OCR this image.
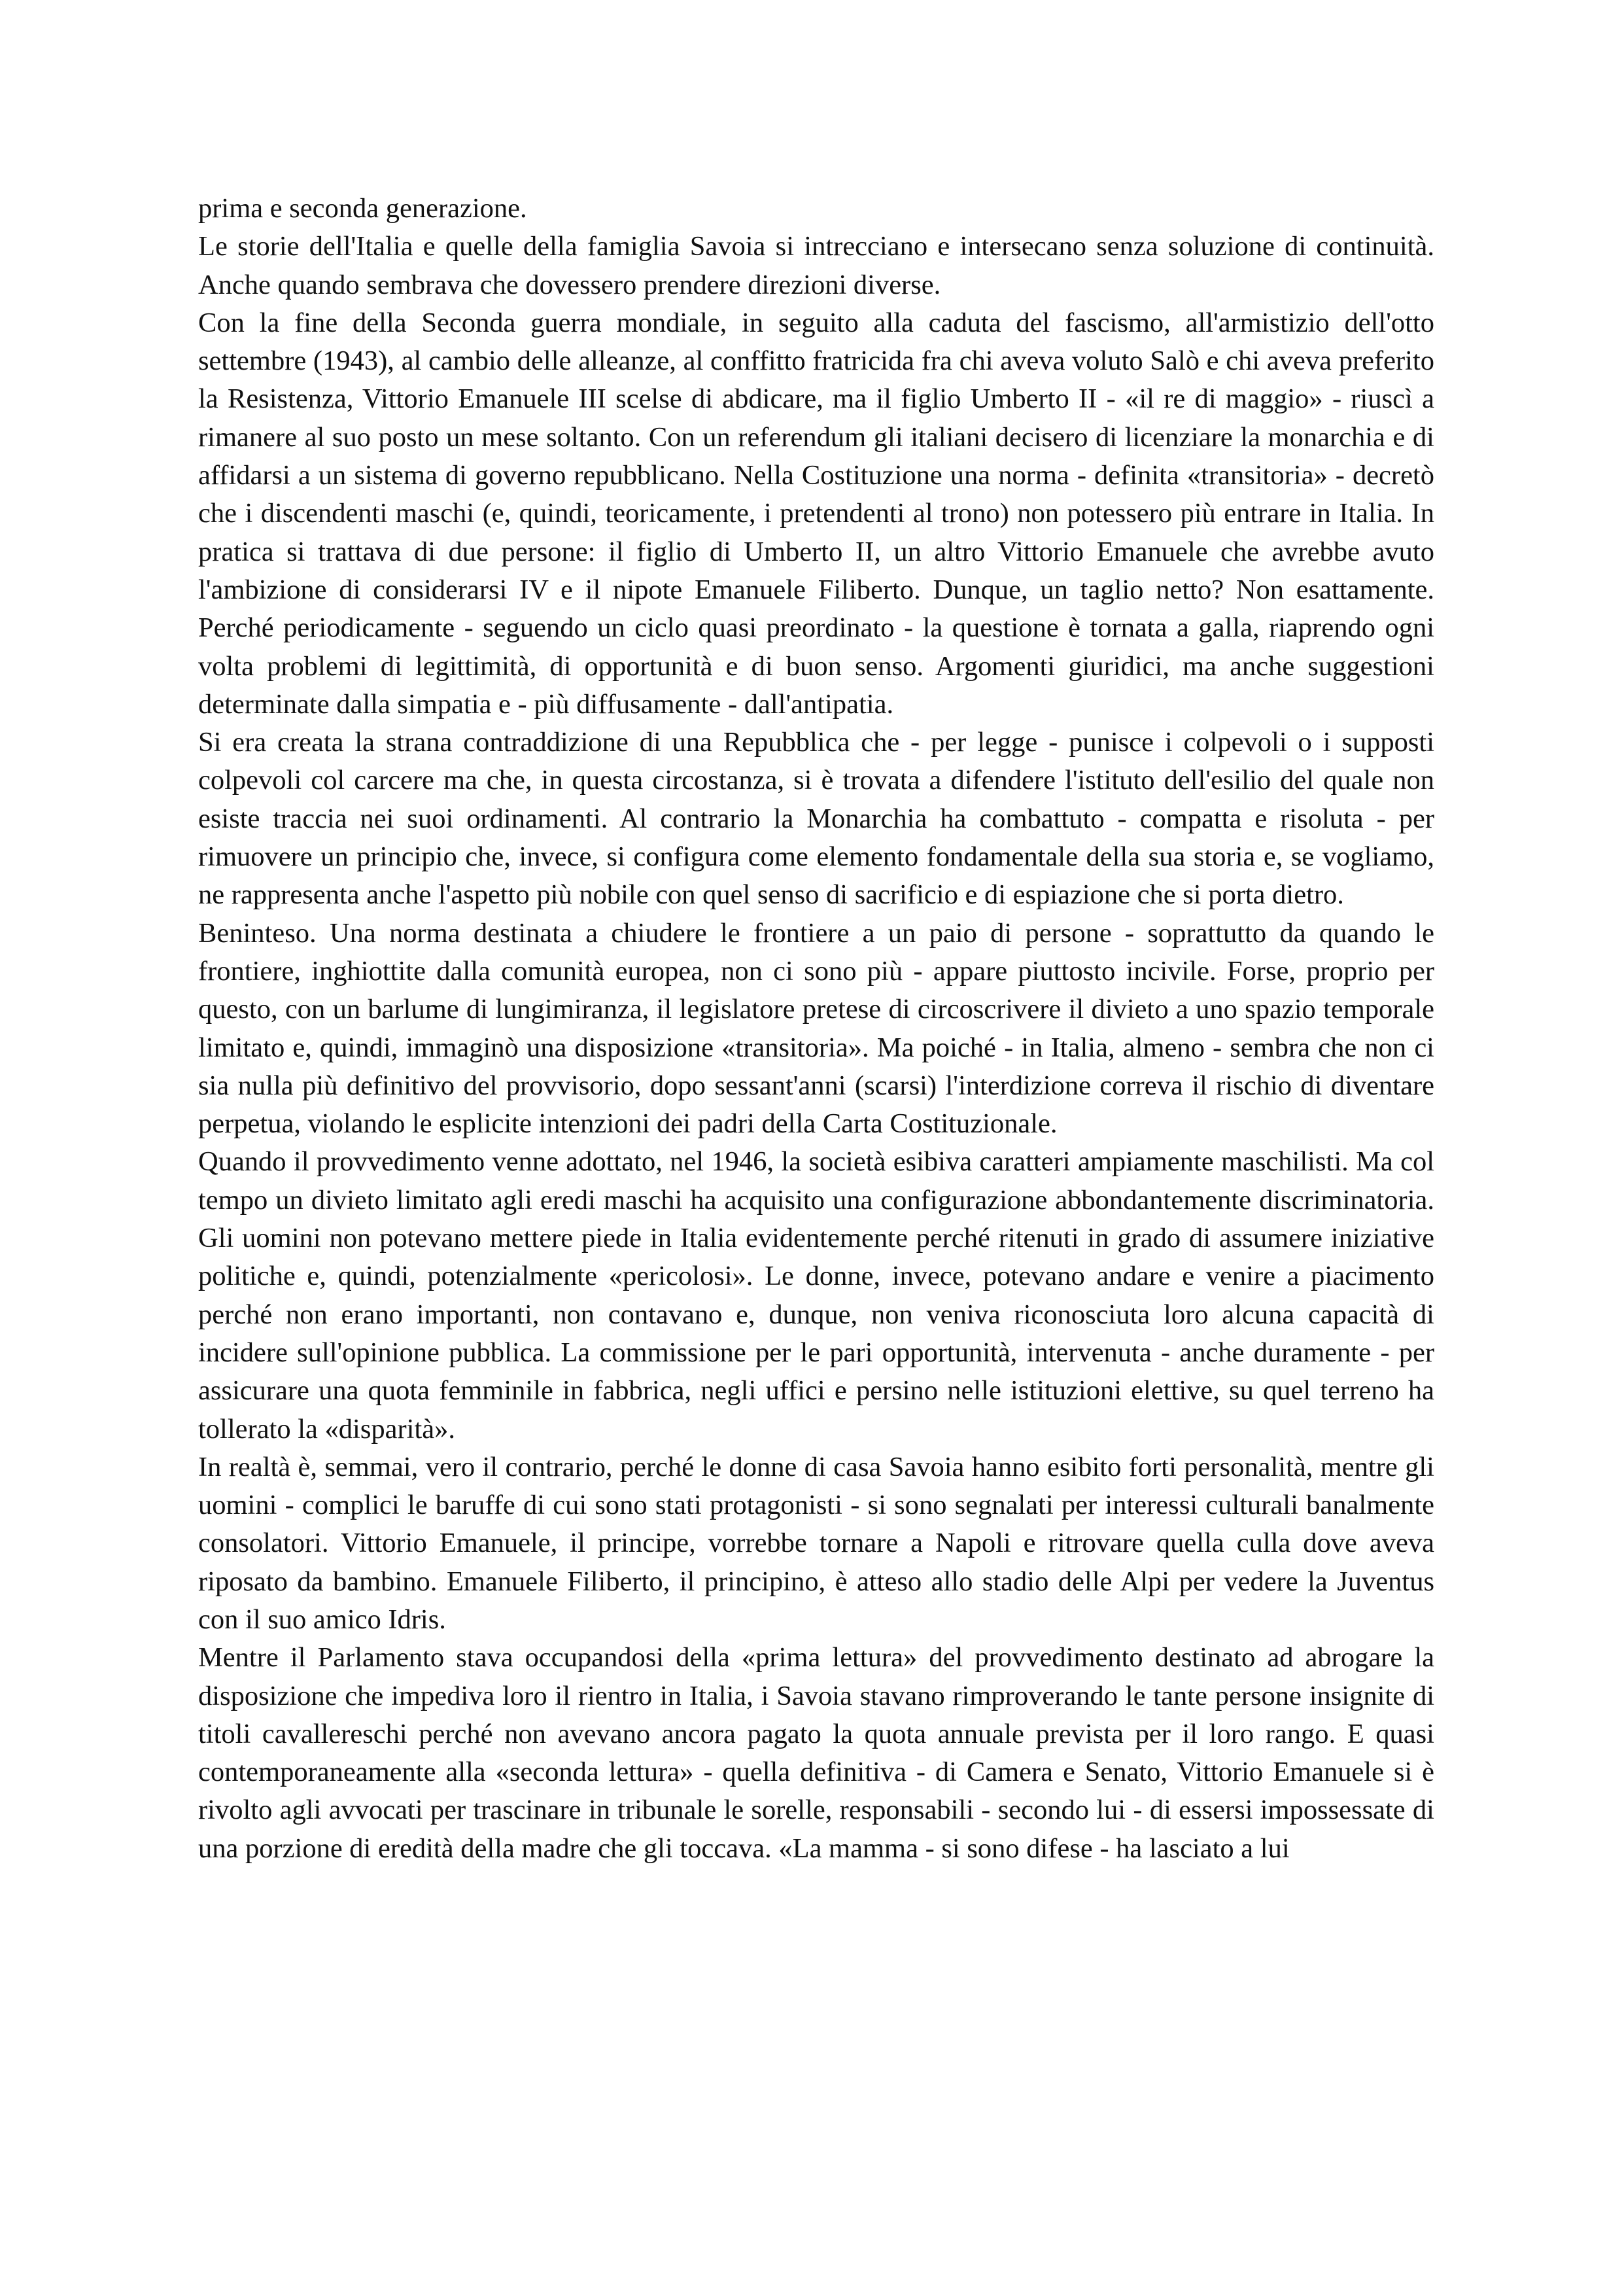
prima e seconda generazione.

Le storie dell'Italia e quelle della famiglia Savoia si intrecciano e intersecano senza soluzione di continuità. Anche quando sembrava che dovessero prendere direzioni diverse.

Con la fine della Seconda guerra mondiale, in seguito alla caduta del fascismo, all'armistizio dell'otto settembre (1943), al cambio delle alleanze, al conffitto fratricida fra chi aveva voluto Salò e chi aveva preferito la Resistenza, Vittorio Emanuele III scelse di abdicare, ma il figlio Umberto II - «il re di maggio» - riuscì a rimanere al suo posto un mese soltanto. Con un referendum gli italiani decisero di licenziare la monarchia e di affidarsi a un sistema di governo repubblicano. Nella Costituzione una norma - definita «transitoria» - decretò che i discendenti maschi (e, quindi, teoricamente, i pretendenti al trono) non potessero più entrare in Italia. In pratica si trattava di due persone: il figlio di Umberto II, un altro Vittorio Emanuele che avrebbe avuto l'ambizione di considerarsi IV e il nipote Emanuele Filiberto. Dunque, un taglio netto? Non esattamente. Perché periodicamente - seguendo un ciclo quasi preordinato - la questione è tornata a galla, riaprendo ogni volta problemi di legittimità, di opportunità e di buon senso. Argomenti giuridici, ma anche suggestioni determinate dalla simpatia e - più diffusamente - dall'antipatia.

Si era creata la strana contraddizione di una Repubblica che - per legge - punisce i colpevoli o i supposti colpevoli col carcere ma che, in questa circostanza, si è trovata a difendere l'istituto dell'esilio del quale non esiste traccia nei suoi ordinamenti. Al contrario la Monarchia ha combattuto - compatta e risoluta - per rimuovere un principio che, invece, si configura come elemento fondamentale della sua storia e, se vogliamo, ne rappresenta anche l'aspetto più nobile con quel senso di sacrificio e di espiazione che si porta dietro.

Beninteso. Una norma destinata a chiudere le frontiere a un paio di persone - soprattutto da quando le frontiere, inghiottite dalla comunità europea, non ci sono più - appare piuttosto incivile. Forse, proprio per questo, con un barlume di lungimiranza, il legislatore pretese di circoscrivere il divieto a uno spazio temporale limitato e, quindi, immaginò una disposizione «transitoria». Ma poiché - in Italia, almeno - sembra che non ci sia nulla più definitivo del provvisorio, dopo sessant'anni (scarsi) l'interdizione correva il rischio di diventare perpetua, violando le esplicite intenzioni dei padri della Carta Costituzionale.

Quando il provvedimento venne adottato, nel 1946, la società esibiva caratteri ampiamente maschilisti. Ma col tempo un divieto limitato agli eredi maschi ha acquisito una configurazione abbondantemente discriminatoria. Gli uomini non potevano mettere piede in Italia evidentemente perché ritenuti in grado di assumere iniziative politiche e, quindi, potenzialmente «pericolosi». Le donne, invece, potevano andare e venire a piacimento perché non erano importanti, non contavano e, dunque, non veniva riconosciuta loro alcuna capacità di incidere sull'opinione pubblica. La commissione per le pari opportunità, intervenuta - anche duramente - per assicurare una quota femminile in fabbrica, negli uffici e persino nelle istituzioni elettive, su quel terreno ha tollerato la «disparità».

In realtà è, semmai, vero il contrario, perché le donne di casa Savoia hanno esibito forti personalità, mentre gli uomini - complici le baruffe di cui sono stati protagonisti - si sono segnalati per interessi culturali banalmente consolatori. Vittorio Emanuele, il principe, vorrebbe tornare a Napoli e ritrovare quella culla dove aveva riposato da bambino. Emanuele Filiberto, il principino, è atteso allo stadio delle Alpi per vedere la Juventus con il suo amico Idris.

Mentre il Parlamento stava occupandosi della «prima lettura» del provvedimento destinato ad abrogare la disposizione che impediva loro il rientro in Italia, i Savoia stavano rimproverando le tante persone insignite di titoli cavallereschi perché non avevano ancora pagato la quota annuale prevista per il loro rango. E quasi contemporaneamente alla «seconda lettura» - quella definitiva - di Camera e Senato, Vittorio Emanuele si è rivolto agli avvocati per trascinare in tribunale le sorelle, responsabili - secondo lui - di essersi impossessate di una porzione di eredità della madre che gli toccava. «La mamma - si sono difese - ha lasciato a lui
